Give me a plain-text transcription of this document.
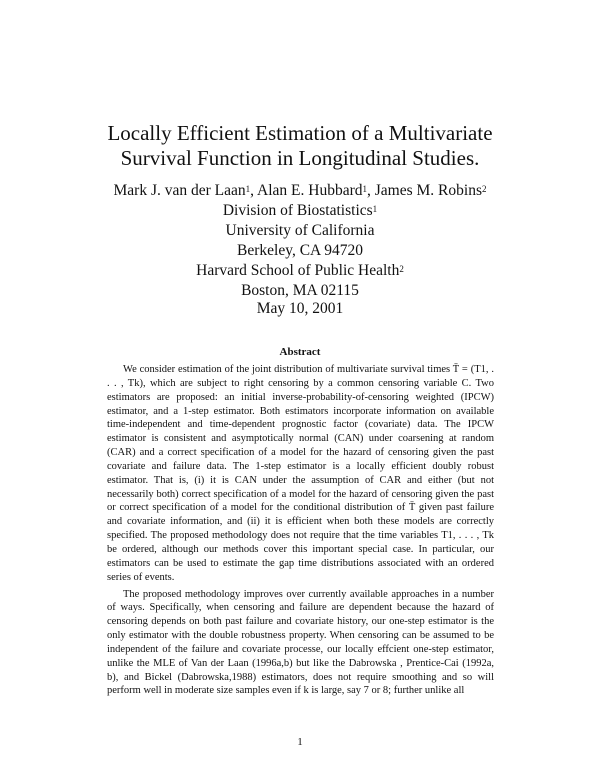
Locally Efficient Estimation of a Multivariate
Survival Function in Longitudinal Studies.
Mark J. van der Laan$^1$, Alan E. Hubbard$^1$, James M. Robins$^2$
Division of Biostatistics$^1$
University of California
Berkeley, CA 94720
Harvard School of Public Health$^2$
Boston, MA 02115
May 10, 2001
Abstract

We consider estimation of the joint distribution of multivariate survival times T̄ = (T1, . . . , Tk), which are subject to right censoring by a common censoring variable C. Two estimators are proposed: an initial inverse-probability-of-censoring weighted (IPCW) estimator, and a 1-step estimator. Both estimators incorporate information on available time-independent and time-dependent prognostic factor (covariate) data. The IPCW estimator is consistent and asymptotically normal (CAN) under coarsening at random (CAR) and a correct specification of a model for the hazard of censoring given the past covariate and failure data. The 1-step estimator is a locally efficient doubly robust estimator. That is, (i) it is CAN under the assumption of CAR and either (but not necessarily both) correct specification of a model for the hazard of censoring given the past or correct specification of a model for the conditional distribution of T̄ given past failure and covariate information, and (ii) it is efficient when both these models are correctly specified. The proposed methodology does not require that the time variables T1, . . . , Tk be ordered, although our methods cover this important special case. In particular, our estimators can be used to estimate the gap time distributions associated with an ordered series of events.

The proposed methodology improves over currently available approaches in a number of ways. Specifically, when censoring and failure are dependent because the hazard of censoring depends on both past failure and covariate history, our one-step estimator is the only estimator with the double robustness property. When censoring can be assumed to be independent of the failure and covariate processe, our locally effcient one-step estimator, unlike the MLE of Van der Laan (1996a,b) but like the Dabrowska , Prentice-Cai (1992a, b), and Bickel (Dabrowska,1988) estimators, does not require smoothing and so will perform well in moderate size samples even if k is large, say 7 or 8; further unlike all

1
